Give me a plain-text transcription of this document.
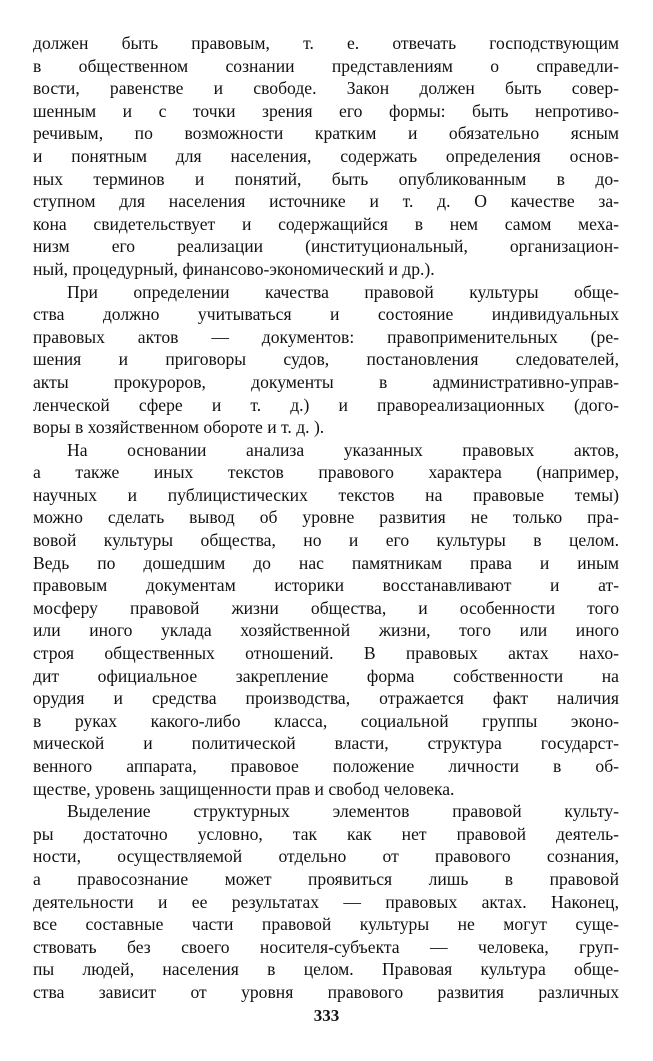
должен быть правовым, т. е. отвечать господствующим
в общественном сознании представлениям о справедли-
вости, равенстве и свободе. Закон должен быть совер-
шенным и с точки зрения его формы: быть непротиво-
речивым, по возможности кратким и обязательно ясным
и понятным для населения, содержать определения основ-
ных терминов и понятий, быть опубликованным в до-
ступном для населения источнике и т. д. О качестве за-
кона свидетельствует и содержащийся в нем самом меха-
низм его реализации (институциональный, организацион-
ный, процедурный, финансово-экономический и др.).
При определении качества правовой культуры обще-
ства должно учитываться и состояние индивидуальных
правовых актов — документов: правоприменительных (ре-
шения и приговоры судов, постановления следователей,
акты прокуроров, документы в административно-управ-
ленческой сфере и т. д.) и правореализационных (дого-
воры в хозяйственном обороте и т. д. ).
На основании анализа указанных правовых актов,
а также иных текстов правового характера (например,
научных и публицистических текстов на правовые темы)
можно сделать вывод об уровне развития не только пра-
вовой культуры общества, но и его культуры в целом.
Ведь по дошедшим до нас памятникам права и иным
правовым документам историки восстанавливают и ат-
мосферу правовой жизни общества, и особенности того
или иного уклада хозяйственной жизни, того или иного
строя общественных отношений. В правовых актах нахо-
дит официальное закрепление форма собственности на
орудия и средства производства, отражается факт наличия
в руках какого-либо класса, социальной группы эконо-
мической и политической власти, структура государст-
венного аппарата, правовое положение личности в об-
ществе, уровень защищенности прав и свобод человека.
Выделение структурных элементов правовой культу-
ры достаточно условно, так как нет правовой деятель-
ности, осуществляемой отдельно от правового сознания,
а правосознание может проявиться лишь в правовой
деятельности и ее результатах — правовых актах. Наконец,
все составные части правовой культуры не могут суще-
ствовать без своего носителя-субъекта — человека, груп-
пы людей, населения в целом. Правовая культура обще-
ства зависит от уровня правового развития различных
333
